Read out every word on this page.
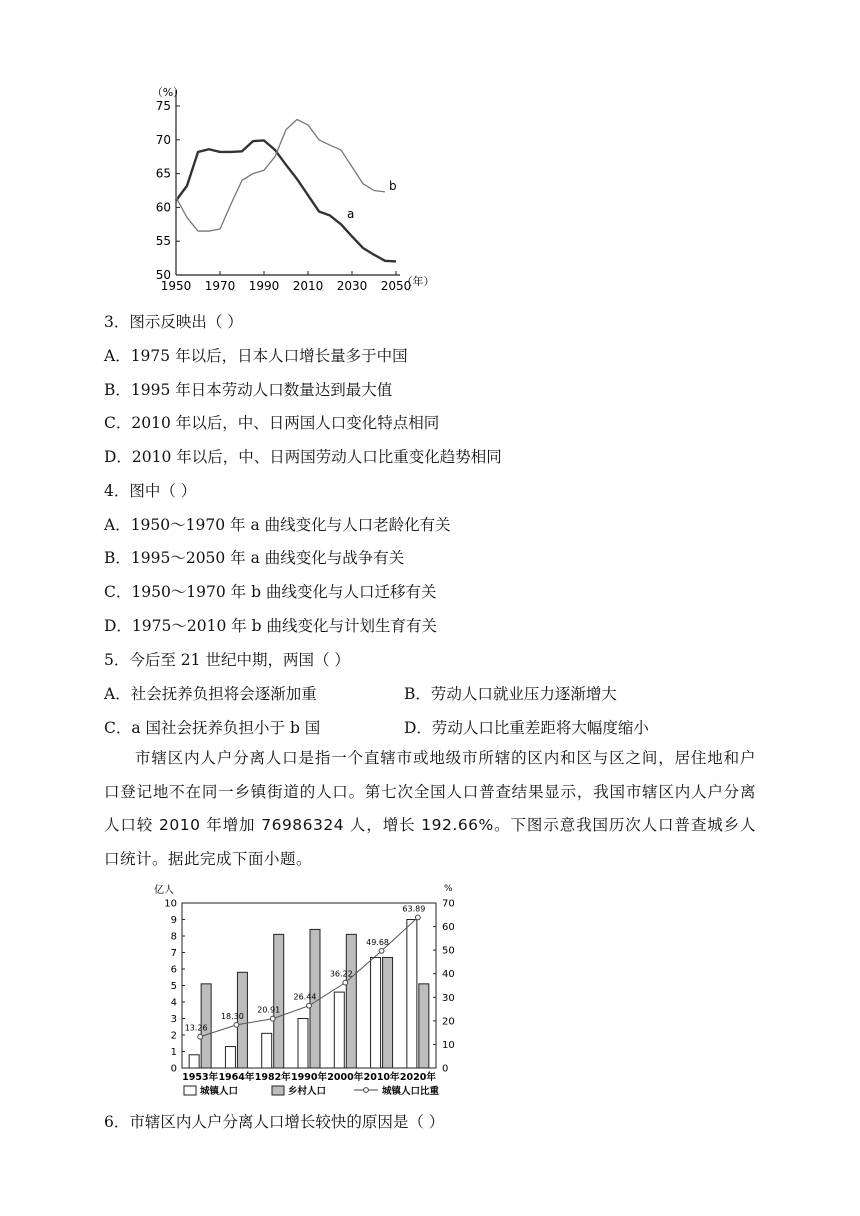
（%）
75
70
65
60
55
50
1950 1970 1990 2010 2030 2050
（年）
a
b
3．图示反映出（ ）
A．1975 年以后，日本人口增长量多于中国
B．1995 年日本劳动人口数量达到最大值
C．2010 年以后，中、日两国人口变化特点相同
D．2010 年以后，中、日两国劳动人口比重变化趋势相同
4．图中（ ）
A．1950～1970 年 a 曲线变化与人口老龄化有关
B．1995～2050 年 a 曲线变化与战争有关
C．1950～1970 年 b 曲线变化与人口迁移有关
D．1975～2010 年 b 曲线变化与计划生育有关
5．今后至 21 世纪中期，两国（ ）
A．社会抚养负担将会逐渐加重	B．劳动人口就业压力逐渐增大
C．a 国社会抚养负担小于 b 国	D．劳动人口比重差距将大幅度缩小
市辖区内人户分离人口是指一个直辖市或地级市所辖的区内和区与区之间，居住地和户口登记地不在同一乡镇街道的人口。第七次全国人口普查结果显示，我国市辖区内人户分离人口较 2010 年增加 76986324 人，增长 192.66%。下图示意我国历次人口普查城乡人口统计。据此完成下面小题。
亿人	%
0
1
2
3
4
5
6
7
8
9
10
0
10
20
30
40
50
60
70
1953年 1964年 1982年 1990年 2000年 2010年 2020年
13.26
18.30
20.91
26.44
36.22
49.68
63.89
城镇人口	乡村人口	城镇人口比重
6．市辖区内人户分离人口增长较快的原因是（ ）
